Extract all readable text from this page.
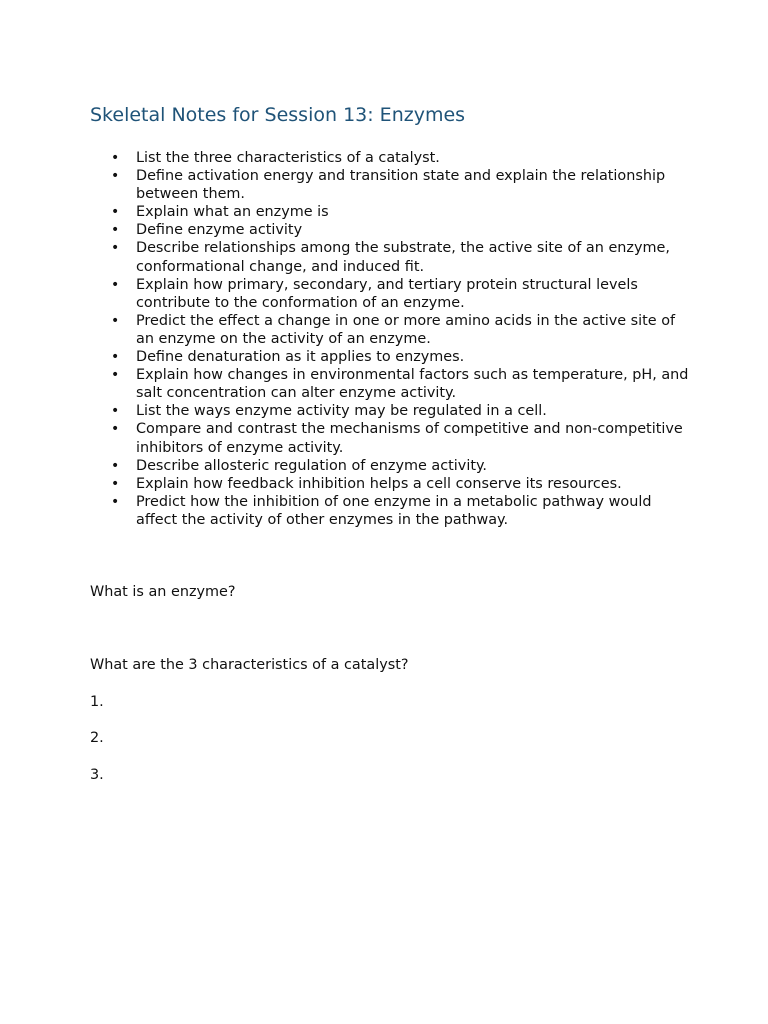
Skeletal Notes for Session 13: Enzymes
• List the three characteristics of a catalyst.
• Define activation energy and transition state and explain the relationship between them.
• Explain what an enzyme is
• Define enzyme activity
• Describe relationships among the substrate, the active site of an enzyme, conformational change, and induced fit.
• Explain how primary, secondary, and tertiary protein structural levels contribute to the conformation of an enzyme.
• Predict the effect a change in one or more amino acids in the active site of an enzyme on the activity of an enzyme.
• Define denaturation as it applies to enzymes.
• Explain how changes in environmental factors such as temperature, pH, and salt concentration can alter enzyme activity.
• List the ways enzyme activity may be regulated in a cell.
• Compare and contrast the mechanisms of competitive and non-competitive inhibitors of enzyme activity.
• Describe allosteric regulation of enzyme activity.
• Explain how feedback inhibition helps a cell conserve its resources.
• Predict how the inhibition of one enzyme in a metabolic pathway would affect the activity of other enzymes in the pathway.

What is an enzyme?

What are the 3 characteristics of a catalyst?

1.

2.

3.
